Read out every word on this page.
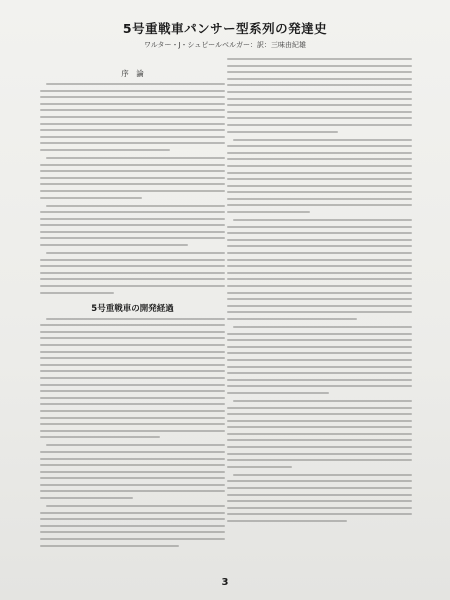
5号重戦車パンサー型系列の発達史
ワルター・J・シュピールベルガー：訳：三味由紀雄
序　論
5号重戦車の開発経過
3
